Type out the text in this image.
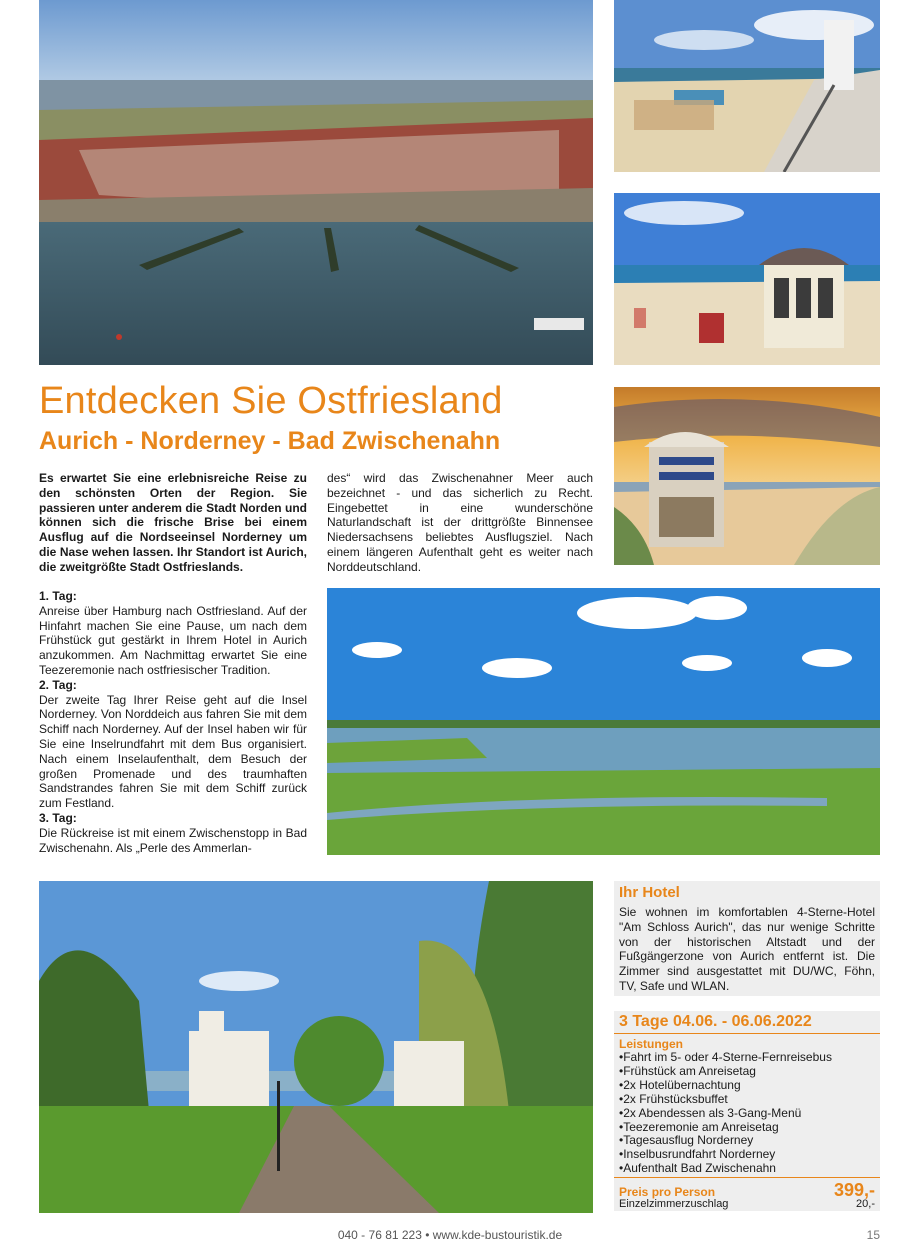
Entdecken Sie Ostfriesland
Aurich - Norderney - Bad Zwischenahn

Es erwartet Sie eine erlebnisreiche Reise zu den schönsten Orten der Region. Sie passieren unter anderem die Stadt Norden und können sich die frische Brise bei einem Ausflug auf die Nordseeinsel Norderney um die Nase wehen lassen. Ihr Standort ist Aurich, die zweitgrößte Stadt Ostfrieslands.

des“ wird das Zwischenahner Meer auch bezeichnet - und das sicherlich zu Recht. Eingebettet in eine wunderschöne Naturlandschaft ist der drittgrößte Binnensee Niedersachsens beliebtes Ausflugsziel. Nach einem längeren Aufenthalt geht es weiter nach Norddeutschland.

1. Tag:
Anreise über Hamburg nach Ostfriesland. Auf der Hinfahrt machen Sie eine Pause, um nach dem Frühstück gut gestärkt in Ihrem Hotel in Aurich anzukommen. Am Nachmittag erwartet Sie eine Teezeremonie nach ostfriesischer Tradition.
2. Tag:
Der zweite Tag Ihrer Reise geht auf die Insel Norderney. Von Norddeich aus fahren Sie mit dem Schiff nach Norderney. Auf der Insel haben wir für Sie eine Inselrundfahrt mit dem Bus organisiert. Nach einem Inselaufenthalt, dem Besuch der großen Promenade und des traumhaften Sandstrandes fahren Sie mit dem Schiff zurück zum Festland.
3. Tag:
Die Rückreise ist mit einem Zwischenstopp in Bad Zwischenahn. Als „Perle des Ammerlan-
Ihr Hotel

Sie wohnen im komfortablen 4-Sterne-Hotel "Am Schloss Aurich", das nur wenige Schritte von der historischen Altstadt und der Fußgängerzone von Aurich entfernt ist. Die Zimmer sind ausgestattet mit DU/WC, Föhn, TV, Safe und WLAN.

3 Tage 04.06. - 06.06.2022
Leistungen
• Fahrt im 5- oder 4-Sterne-Fernreisebus
• Frühstück am Anreisetag
• 2x Hotelübernachtung
• 2x Frühstücksbuffet
• 2x Abendessen als 3-Gang-Menü
• Teezeremonie am Anreisetag
• Tagesausflug Norderney
• Inselbusrundfahrt Norderney
• Aufenthalt Bad Zwischenahn
Preis pro Person	399,-
Einzelzimmerzuschlag	20,-
040 - 76 81 223 • www.kde-bustouristik.de	15
